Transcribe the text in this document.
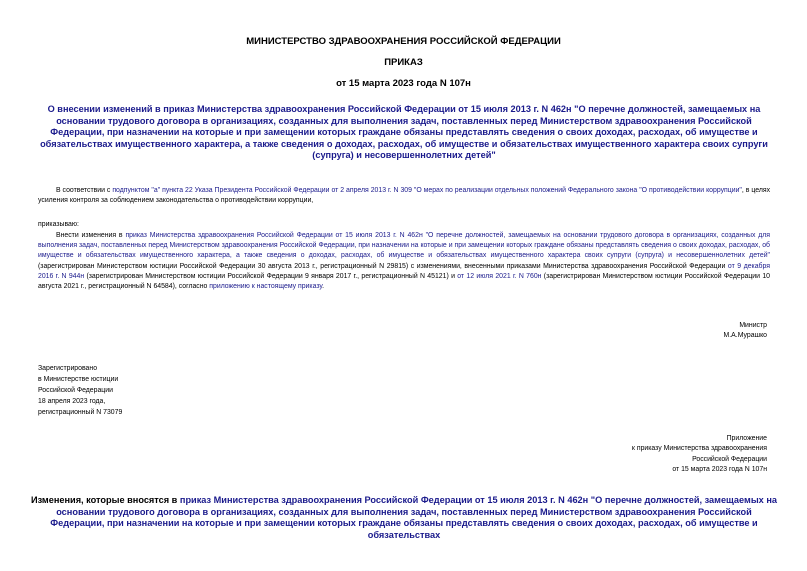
МИНИСТЕРСТВО ЗДРАВООХРАНЕНИЯ РОССИЙСКОЙ ФЕДЕРАЦИИ
ПРИКАЗ
от 15 марта 2023 года N 107н
О внесении изменений в приказ Министерства здравоохранения Российской Федерации от 15 июля 2013 г. N 462н "О перечне должностей, замещаемых на основании трудового договора в организациях, созданных для выполнения задач, поставленных перед Министерством здравоохранения Российской Федерации, при назначении на которые и при замещении которых граждане обязаны представлять сведения о своих доходах, расходах, об имуществе и обязательствах имущественного характера, а также сведения о доходах, расходах, об имуществе и обязательствах имущественного характера своих супруги (супруга) и несовершеннолетних детей"
В соответствии с подпунктом "а" пункта 22 Указа Президента Российской Федерации от 2 апреля 2013 г. N 309 "О мерах по реализации отдельных положений Федерального закона "О противодействии коррупции", в целях усиления контроля за соблюдением законодательства о противодействии коррупции,
приказываю:
Внести изменения в приказ Министерства здравоохранения Российской Федерации от 15 июля 2013 г. N 462н "О перечне должностей, замещаемых на основании трудового договора в организациях, созданных для выполнения задач, поставленных перед Министерством здравоохранения Российской Федерации, при назначении на которые и при замещении которых граждане обязаны представлять сведения о своих доходах, расходах, об имуществе и обязательствах имущественного характера, а также сведения о доходах, расходах, об имуществе и обязательствах имущественного характера своих супруги (супруга) и несовершеннолетних детей" (зарегистрирован Министерством юстиции Российской Федерации 30 августа 2013 г., регистрационный N 29815) с изменениями, внесенными приказами Министерства здравоохранения Российской Федерации от 9 декабря 2016 г. N 944н (зарегистрирован Министерством юстиции Российской Федерации 9 января 2017 г., регистрационный N 45121) и от 12 июля 2021 г. N 760н (зарегистрирован Министерством юстиции Российской Федерации 10 августа 2021 г., регистрационный N 64584), согласно приложению к настоящему приказу.
Министр
М.А.Мурашко
Зарегистрировано
в Министерстве юстиции
Российской Федерации
18 апреля 2023 года,
регистрационный N 73079
Приложение
к приказу Министерства здравоохранения
Российской Федерации
от 15 марта 2023 года N 107н
Изменения, которые вносятся в приказ Министерства здравоохранения Российской Федерации от 15 июля 2013 г. N 462н "О перечне должностей, замещаемых на основании трудового договора в организациях, созданных для выполнения задач, поставленных перед Министерством здравоохранения Российской Федерации, при назначении на которые и при замещении которых граждане обязаны представлять сведения о своих доходах, расходах, об имуществе и обязательствах
